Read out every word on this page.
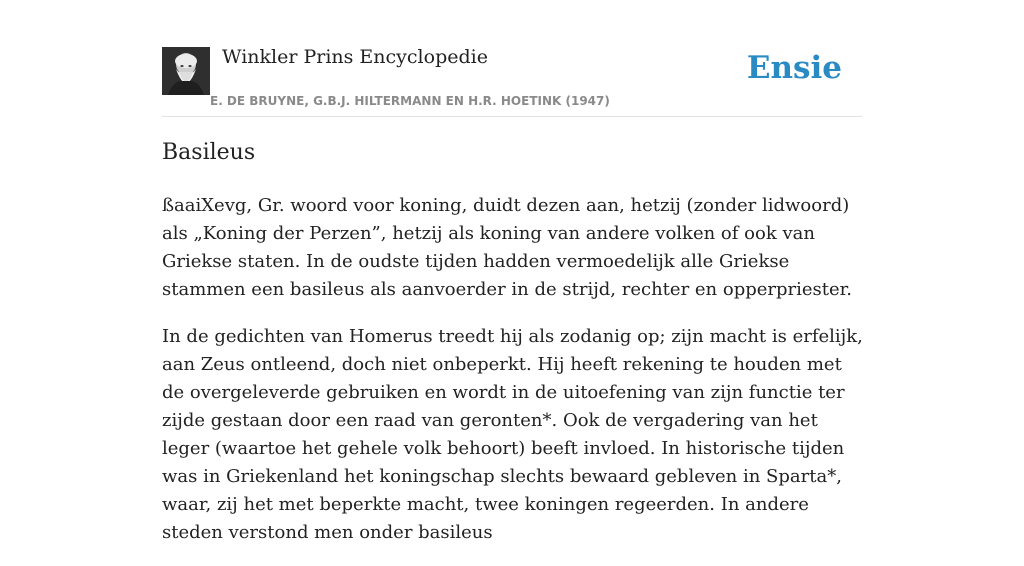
Winkler Prins Encyclopedie
E. DE BRUYNE, G.B.J. HILTERMANN EN H.R. HOETINK (1947)
Ensie
Basileus

ßaaiXevg, Gr. woord voor koning, duidt dezen aan, hetzij (zonder lidwoord) als „Koning der Perzen”, hetzij als koning van andere volken of ook van Griekse staten. In de oudste tijden hadden vermoedelijk alle Griekse stammen een basileus als aanvoerder in de strijd, rechter en opperpriester.

In de gedichten van Homerus treedt hij als zodanig op; zijn macht is erfelijk, aan Zeus ontleend, doch niet onbeperkt. Hij heeft rekening te houden met de overgeleverde gebruiken en wordt in de uitoefening van zijn functie ter zijde gestaan door een raad van geronten*. Ook de vergadering van het leger (waartoe het gehele volk behoort) beeft invloed. In historische tijden was in Griekenland het koningschap slechts bewaard gebleven in Sparta*, waar, zij het met beperkte macht, twee koningen regeerden. In andere steden verstond men onder basileus
